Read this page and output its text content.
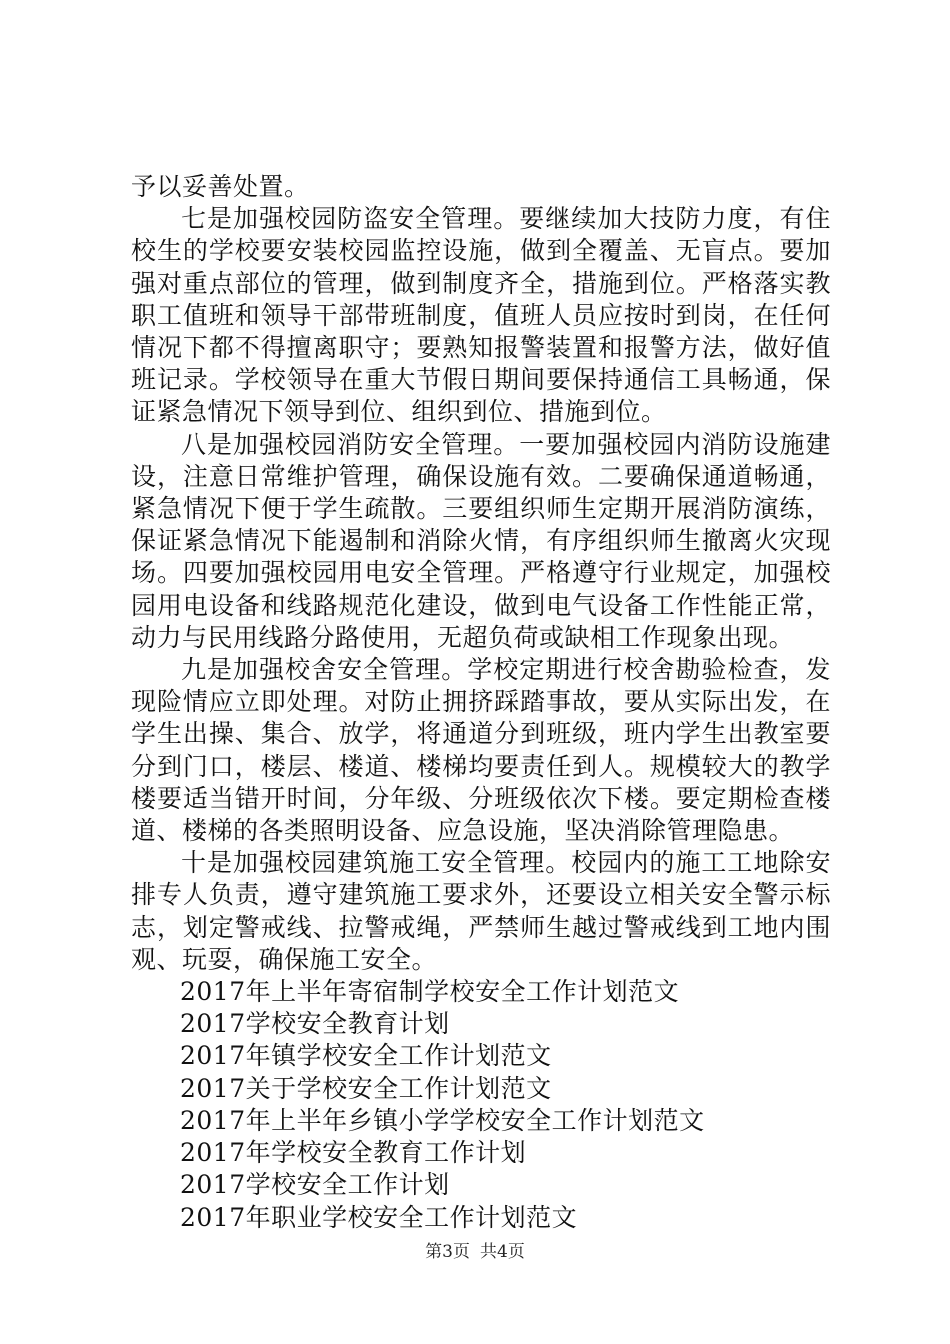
予以妥善处置。

七是加强校园防盗安全管理。要继续加大技防力度，有住校生的学校要安装校园监控设施，做到全覆盖、无盲点。要加强对重点部位的管理，做到制度齐全，措施到位。严格落实教职工值班和领导干部带班制度，值班人员应按时到岗，在任何情况下都不得擅离职守；要熟知报警装置和报警方法，做好值班记录。学校领导在重大节假日期间要保持通信工具畅通，保证紧急情况下领导到位、组织到位、措施到位。

八是加强校园消防安全管理。一要加强校园内消防设施建设，注意日常维护管理，确保设施有效。二要确保通道畅通，紧急情况下便于学生疏散。三要组织师生定期开展消防演练，保证紧急情况下能遏制和消除火情，有序组织师生撤离火灾现场。四要加强校园用电安全管理。严格遵守行业规定，加强校园用电设备和线路规范化建设，做到电气设备工作性能正常，动力与民用线路分路使用，无超负荷或缺相工作现象出现。

九是加强校舍安全管理。学校定期进行校舍勘验检查，发现险情应立即处理。对防止拥挤踩踏事故，要从实际出发，在学生出操、集合、放学，将通道分到班级，班内学生出教室要分到门口，楼层、楼道、楼梯均要责任到人。规模较大的教学楼要适当错开时间，分年级、分班级依次下楼。要定期检查楼道、楼梯的各类照明设备、应急设施，坚决消除管理隐患。

十是加强校园建筑施工安全管理。校园内的施工工地除安排专人负责，遵守建筑施工要求外，还要设立相关安全警示标志，划定警戒线、拉警戒绳，严禁师生越过警戒线到工地内围观、玩耍，确保施工安全。

2017年上半年寄宿制学校安全工作计划范文
2017学校安全教育计划
2017年镇学校安全工作计划范文
2017关于学校安全工作计划范文
2017年上半年乡镇小学学校安全工作计划范文
2017年学校安全教育工作计划
2017学校安全工作计划
2017年职业学校安全工作计划范文
第3页 共4页
